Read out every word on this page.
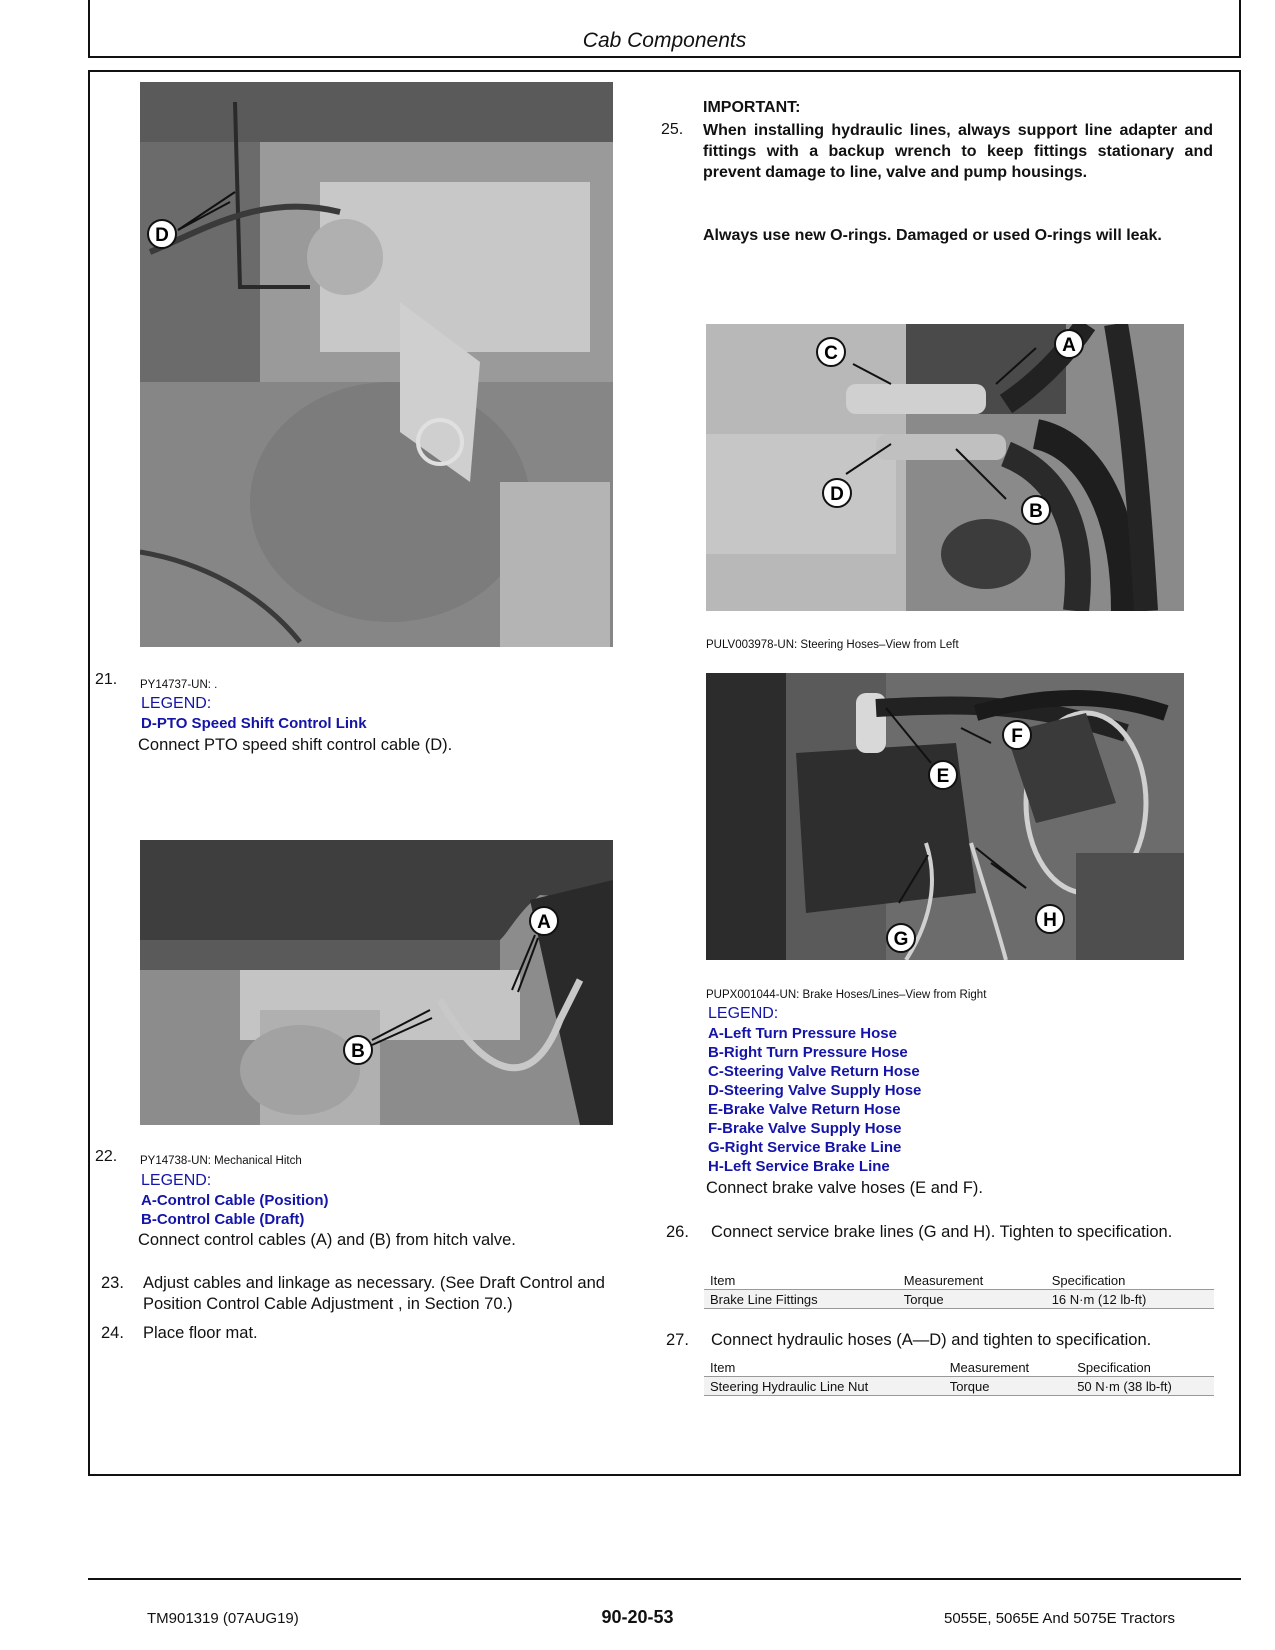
Cab Components
D
21. PY14737-UN: .
LEGEND:
D-PTO Speed Shift Control Link
Connect PTO speed shift control cable (D).
A
B
22. PY14738-UN: Mechanical Hitch
LEGEND:
A-Control Cable (Position)
B-Control Cable (Draft)
Connect control cables (A) and (B) from hitch valve.
23. Adjust cables and linkage as necessary. (See Draft Control and Position Control Cable Adjustment , in Section 70.)
24. Place floor mat.
IMPORTANT:
25. When installing hydraulic lines, always support line adapter and fittings with a backup wrench to keep fittings stationary and prevent damage to line, valve and pump housings.
Always use new O-rings. Damaged or used O-rings will leak.
C	A
D
B
PULV003978-UN: Steering Hoses–View from Left
E
F
G
H
PUPX001044-UN: Brake Hoses/Lines–View from Right
LEGEND:
A-Left Turn Pressure Hose
B-Right Turn Pressure Hose
C-Steering Valve Return Hose
D-Steering Valve Supply Hose
E-Brake Valve Return Hose
F-Brake Valve Supply Hose
G-Right Service Brake Line
H-Left Service Brake Line
Connect brake valve hoses (E and F).
26. Connect service brake lines (G and H). Tighten to specification.
Item	Measurement	Specification
Brake Line Fittings	Torque	16 N·m (12 lb-ft)
27. Connect hydraulic hoses (A—D) and tighten to specification.
Item	Measurement	Specification
Steering Hydraulic Line Nut	Torque	50 N·m (38 lb-ft)
TM901319 (07AUG19)	90-20-53	5055E, 5065E And 5075E Tractors
